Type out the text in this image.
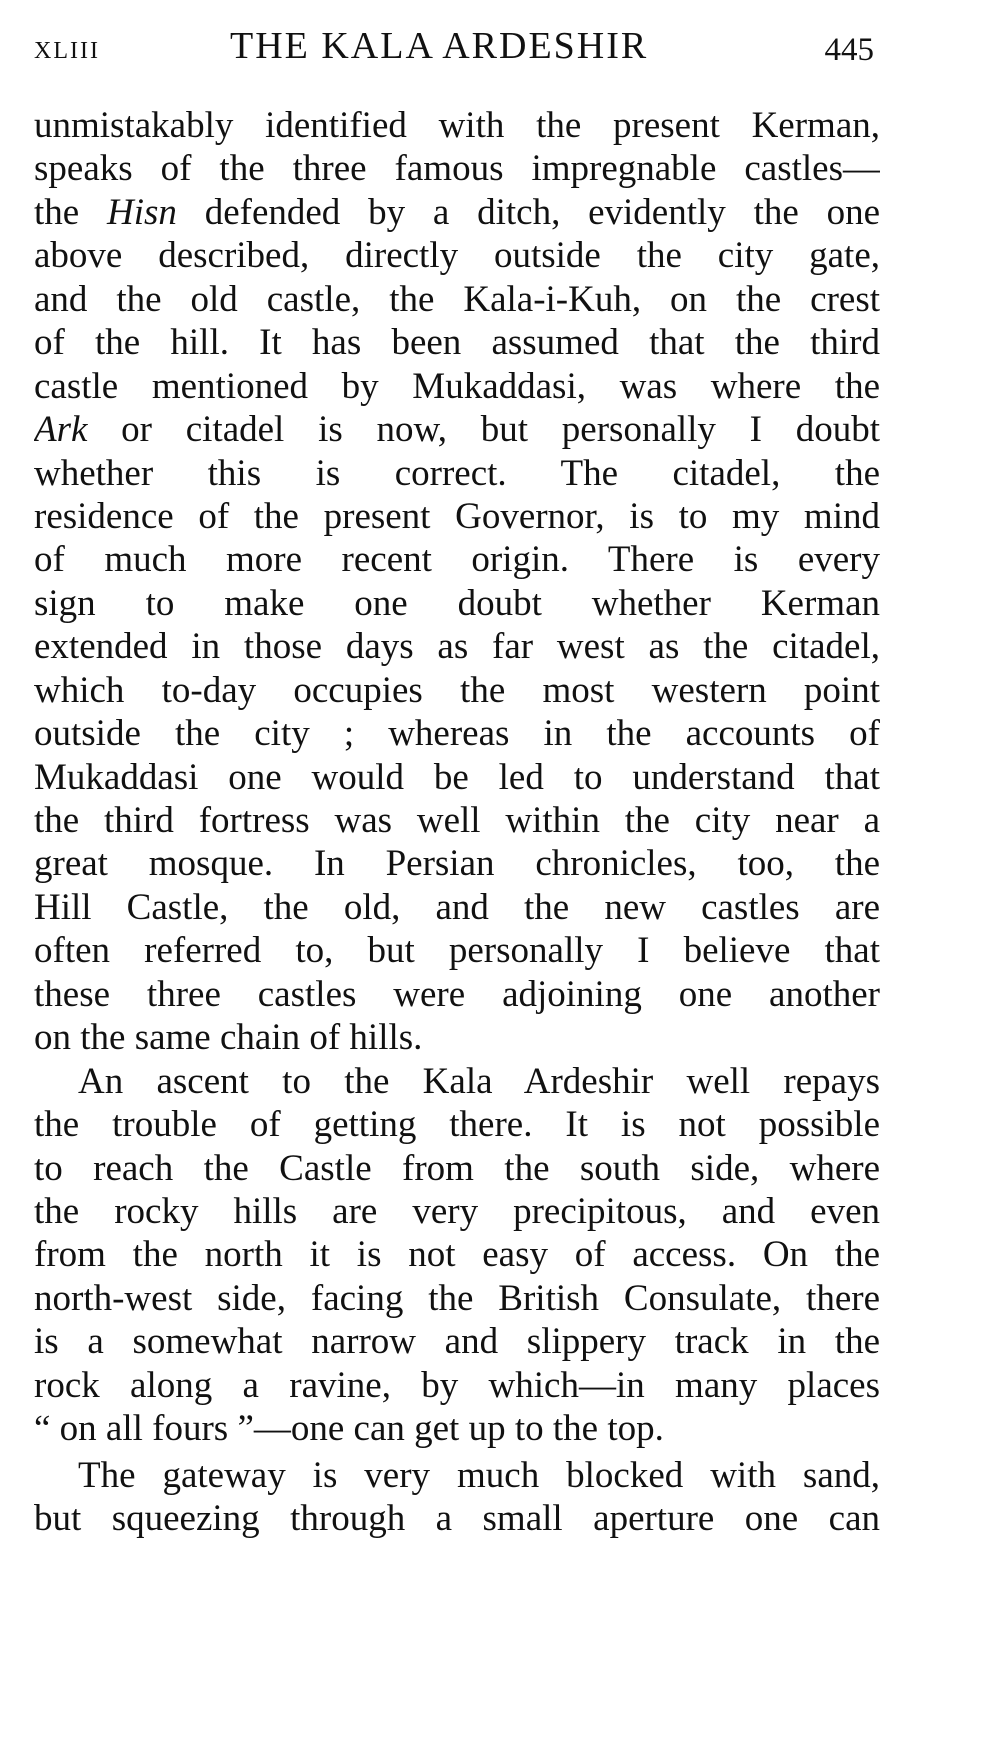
XLIII	THE KALA ARDESHIR	445
unmistakably identified with the present Kerman,
speaks of the three famous impregnable castles—
the Hisn defended by a ditch, evidently the one
above described, directly outside the city gate,
and the old castle, the Kala-i-Kuh, on the crest
of the hill. It has been assumed that the third
castle mentioned by Mukaddasi, was where the
Ark or citadel is now, but personally I doubt
whether this is correct. The citadel, the
residence of the present Governor, is to my mind
of much more recent origin. There is every
sign to make one doubt whether Kerman
extended in those days as far west as the citadel,
which to-day occupies the most western point
outside the city ; whereas in the accounts of
Mukaddasi one would be led to understand that
the third fortress was well within the city near a
great mosque. In Persian chronicles, too, the
Hill Castle, the old, and the new castles are
often referred to, but personally I believe that
these three castles were adjoining one another
on the same chain of hills.
An ascent to the Kala Ardeshir well repays
the trouble of getting there. It is not possible
to reach the Castle from the south side, where
the rocky hills are very precipitous, and even
from the north it is not easy of access. On the
north-west side, facing the British Consulate, there
is a somewhat narrow and slippery track in the
rock along a ravine, by which—in many places
“ on all fours ”—one can get up to the top.
The gateway is very much blocked with sand,
but squeezing through a small aperture one can
